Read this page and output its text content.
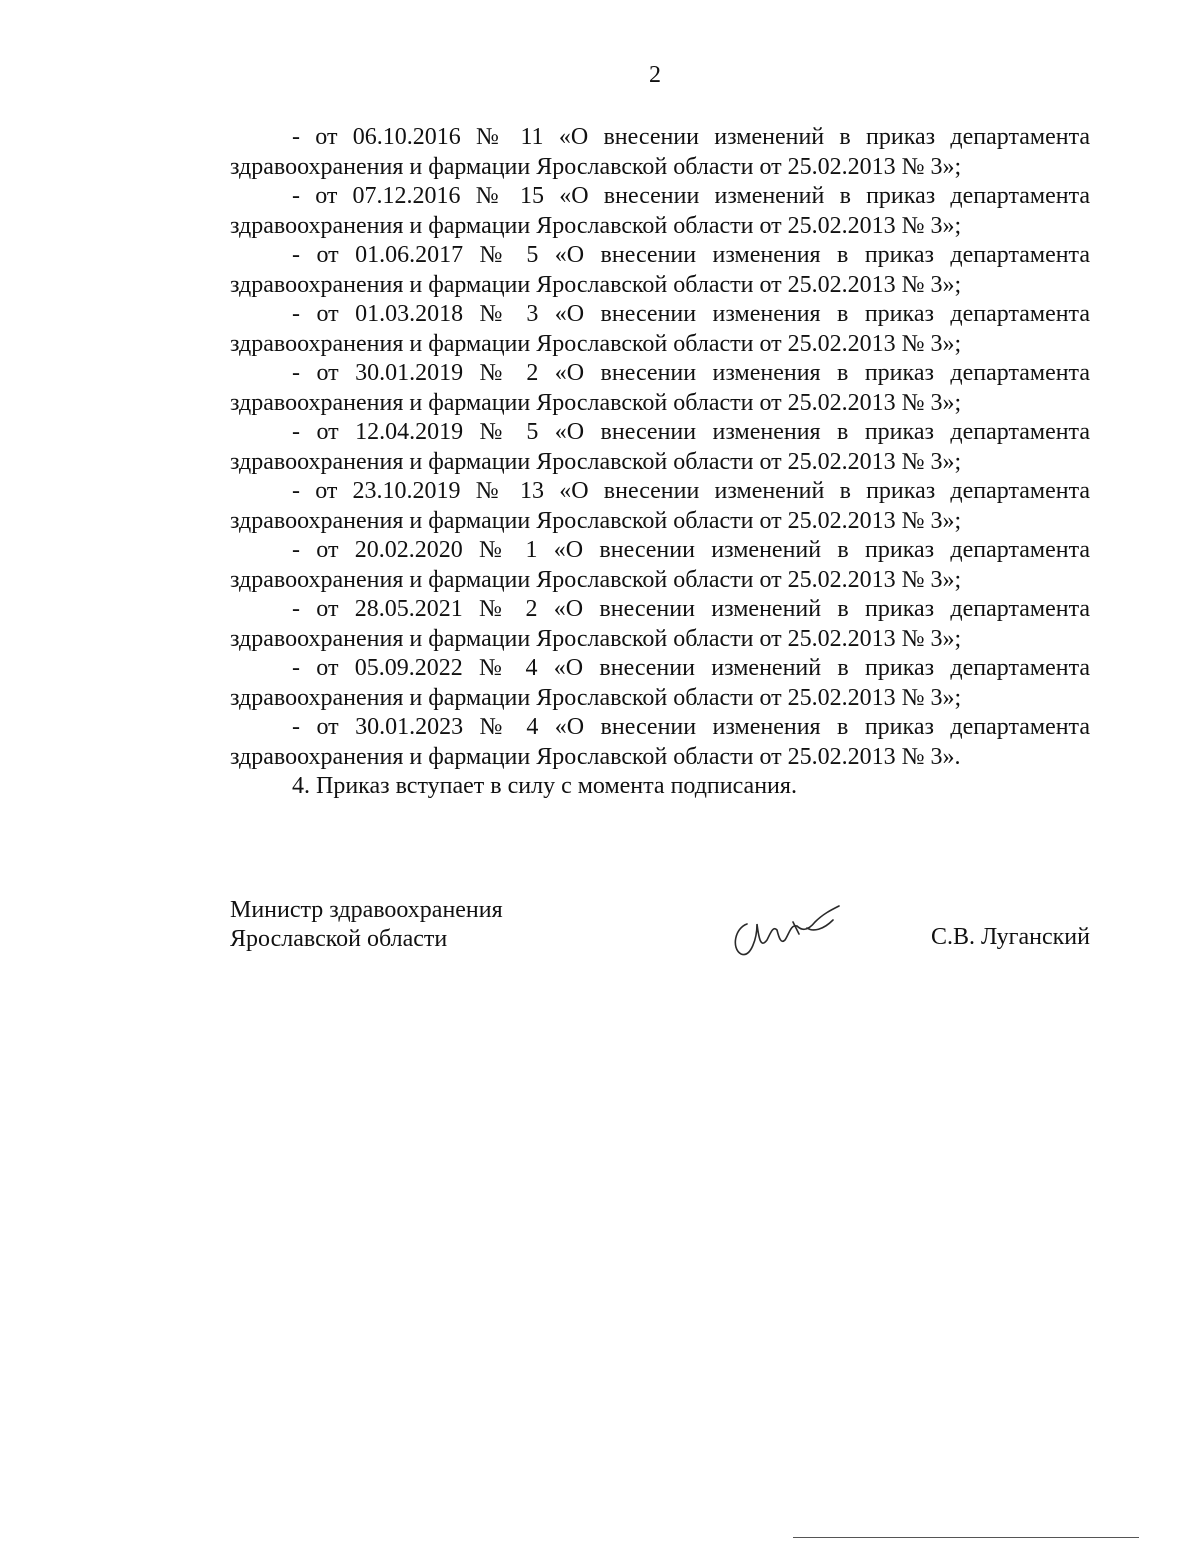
2
- от 06.10.2016 № 11 «О внесении изменений в приказ департамента
здравоохранения и фармации Ярославской области от 25.02.2013 № 3»;
- от 07.12.2016 № 15 «О внесении изменений в приказ департамента
здравоохранения и фармации Ярославской области от 25.02.2013 № 3»;
- от 01.06.2017 № 5 «О внесении изменения в приказ департамента
здравоохранения и фармации Ярославской области от 25.02.2013 № 3»;
- от 01.03.2018 № 3 «О внесении изменения в приказ департамента
здравоохранения и фармации Ярославской области от 25.02.2013 № 3»;
- от 30.01.2019 № 2 «О внесении изменения в приказ департамента
здравоохранения и фармации Ярославской области от 25.02.2013 № 3»;
- от 12.04.2019 № 5 «О внесении изменения в приказ департамента
здравоохранения и фармации Ярославской области от 25.02.2013 № 3»;
- от 23.10.2019 № 13 «О внесении изменений в приказ департамента
здравоохранения и фармации Ярославской области от 25.02.2013 № 3»;
- от 20.02.2020 № 1 «О внесении изменений в приказ департамента
здравоохранения и фармации Ярославской области от 25.02.2013 № 3»;
- от 28.05.2021 № 2 «О внесении изменений в приказ департамента
здравоохранения и фармации Ярославской области от 25.02.2013 № 3»;
- от 05.09.2022 № 4 «О внесении изменений в приказ департамента
здравоохранения и фармации Ярославской области от 25.02.2013 № 3»;
- от 30.01.2023 № 4 «О внесении изменения в приказ департамента
здравоохранения и фармации Ярославской области от 25.02.2013 № 3».
4. Приказ вступает в силу с момента подписания.
Министр здравоохранения
Ярославской области	С.В. Луганский
